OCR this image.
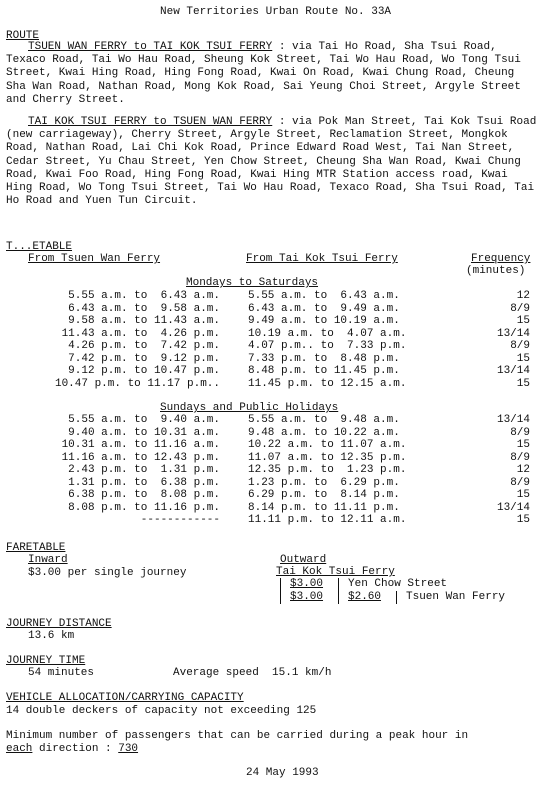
New Territories Urban Route No. 33A
ROUTE

TSUEN WAN FERRY to TAI KOK TSUI FERRY : via Tai Ho Road, Sha Tsui Road, Texaco Road, Tai Wo Hau Road, Sheung Kok Street, Tai Wo Hau Road, Wo Tong Tsui Street, Kwai Hing Road, Hing Fong Road, Kwai On Road, Kwai Chung Road, Cheung Sha Wan Road, Nathan Road, Mong Kok Road, Sai Yeung Choi Street, Argyle Street and Cherry Street.

TAI KOK TSUI FERRY to TSUEN WAN FERRY : via Pok Man Street, Tai Kok Tsui Road (new carriageway), Cherry Street, Argyle Street, Reclamation Street, Mongkok Road, Nathan Road, Lai Chi Kok Road, Prince Edward Road West, Tai Nan Street, Cedar Street, Yu Chau Street, Yen Chow Street, Cheung Sha Wan Road, Kwai Chung Road, Kwai Foo Road, Hing Fong Road, Kwai Hing MTR Station access road, Kwai Hing Road, Wo Tong Tsui Street, Tai Wo Hau Road, Texaco Road, Sha Tsui Road, Tai Ho Road and Yuen Tun Circuit.

T...ETABLE
From Tsuen Wan Ferry	From Tai Kok Tsui Ferry	Frequency
(minutes)
Mondays to Saturdays
5.55 a.m. to  6.43 a.m.	5.55 a.m. to  6.43 a.m.	12
6.43 a.m. to  9.58 a.m.	6.43 a.m. to  9.49 a.m.	8/9
9.58 a.m. to 11.43 a.m.	9.49 a.m. to 10.19 a.m.	15
11.43 a.m. to  4.26 p.m.	10.19 a.m. to  4.07 a.m.	13/14
4.26 p.m. to  7.42 p.m.	4.07 p.m.. to  7.33 p.m.	8/9
7.42 p.m. to  9.12 p.m.	7.33 p.m. to  8.48 p.m.	15
9.12 p.m. to 10.47 p.m.	8.48 p.m. to 11.45 p.m.	13/14
10.47 p.m. to 11.17 p.m..	11.45 p.m. to 12.15 a.m.	15
Sundays and Public Holidays
5.55 a.m. to  9.40 a.m.	5.55 a.m. to  9.48 a.m.	13/14
9.40 a.m. to 10.31 a.m.	9.48 a.m. to 10.22 a.m.	8/9
10.31 a.m. to 11.16 a.m.	10.22 a.m. to 11.07 a.m.	15
11.16 a.m. to 12.43 p.m.	11.07 a.m. to 12.35 p.m.	8/9
2.43 p.m. to  1.31 p.m.	12.35 p.m. to  1.23 p.m.	12
1.31 p.m. to  6.38 p.m.	1.23 p.m. to  6.29 p.m.	8/9
6.38 p.m. to  8.08 p.m.	6.29 p.m. to  8.14 p.m.	15
8.08 p.m. to 11.16 p.m.	8.14 p.m. to 11.11 p.m.	13/14
------------	11.11 p.m. to 12.11 a.m.	15
FARETABLE
Inward
$3.00 per single journey
Outward
Tai Kok Tsui Ferry
$3.00 Yen Chow Street
$3.00 $2.60 Tsuen Wan Ferry
JOURNEY DISTANCE
13.6 km
JOURNEY TIME
54 minutes	Average speed  15.1 km/h
VEHICLE ALLOCATION/CARRYING CAPACITY
14 double deckers of capacity not exceeding 125
Minimum number of passengers that can be carried during a peak hour in
each direction : 730
24 May 1993
